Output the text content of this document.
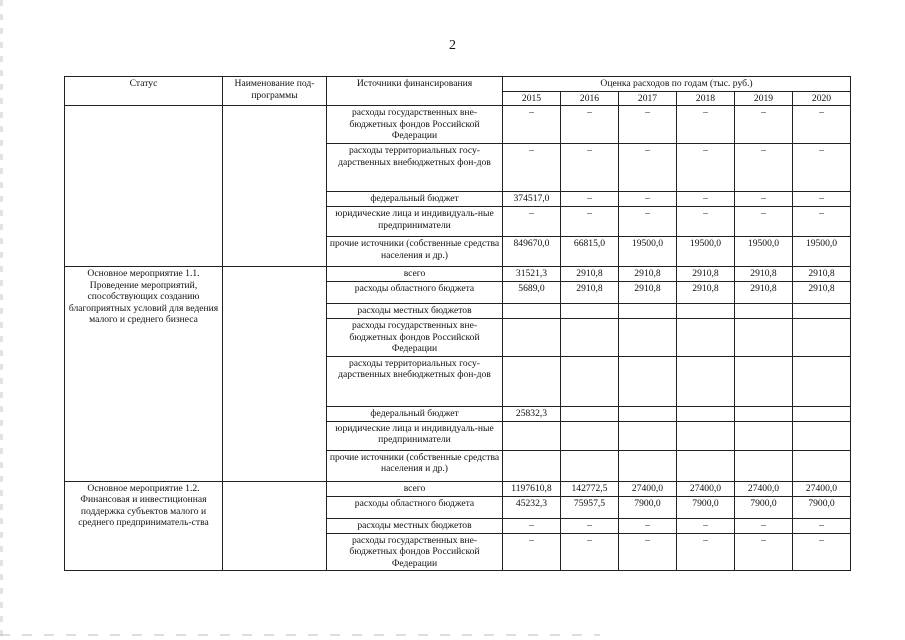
2
Статус	Наименование под-программы	Источники финансирования	Оценка расходов по годам (тыс. руб.)					
			2015	2016	2017	2018	2019	2020
		расходы государственных вне-бюджетных фондов Российской Федерации	–	–	–	–	–	–
		расходы территориальных госу-дарственных внебюджетных фон-дов	–	–	–	–	–	–
		федеральный бюджет	374517,0	–	–	–	–	–
		юридические лица и индивидуаль-ные предприниматели	–	–	–	–	–	–
		прочие источники (собственные средства населения и др.)	849670,0	66815,0	19500,0	19500,0	19500,0	19500,0
Основное мероприятие 1.1. Проведение мероприятий, способствующих созданию благоприятных условий для ведения малого и среднего бизнеса		всего	31521,3	2910,8	2910,8	2910,8	2910,8	2910,8
		расходы областного бюджета	5689,0	2910,8	2910,8	2910,8	2910,8	2910,8
		расходы местных бюджетов						
		расходы государственных вне-бюджетных фондов Российской Федерации						
		расходы территориальных госу-дарственных внебюджетных фон-дов						
		федеральный бюджет	25832,3					
		юридические лица и индивидуаль-ные предприниматели						
		прочие источники (собственные средства населения и др.)						
Основное мероприятие 1.2. Финансовая и инвестиционная поддержка субъектов малого и среднего предприниматель-ства		всего	1197610,8	142772,5	27400,0	27400,0	27400,0	27400,0
		расходы областного бюджета	45232,3	75957,5	7900,0	7900,0	7900,0	7900,0
		расходы местных бюджетов	–	–	–	–	–	–
		расходы государственных вне-бюджетных фондов Российской Федерации	–	–	–	–	–	–
